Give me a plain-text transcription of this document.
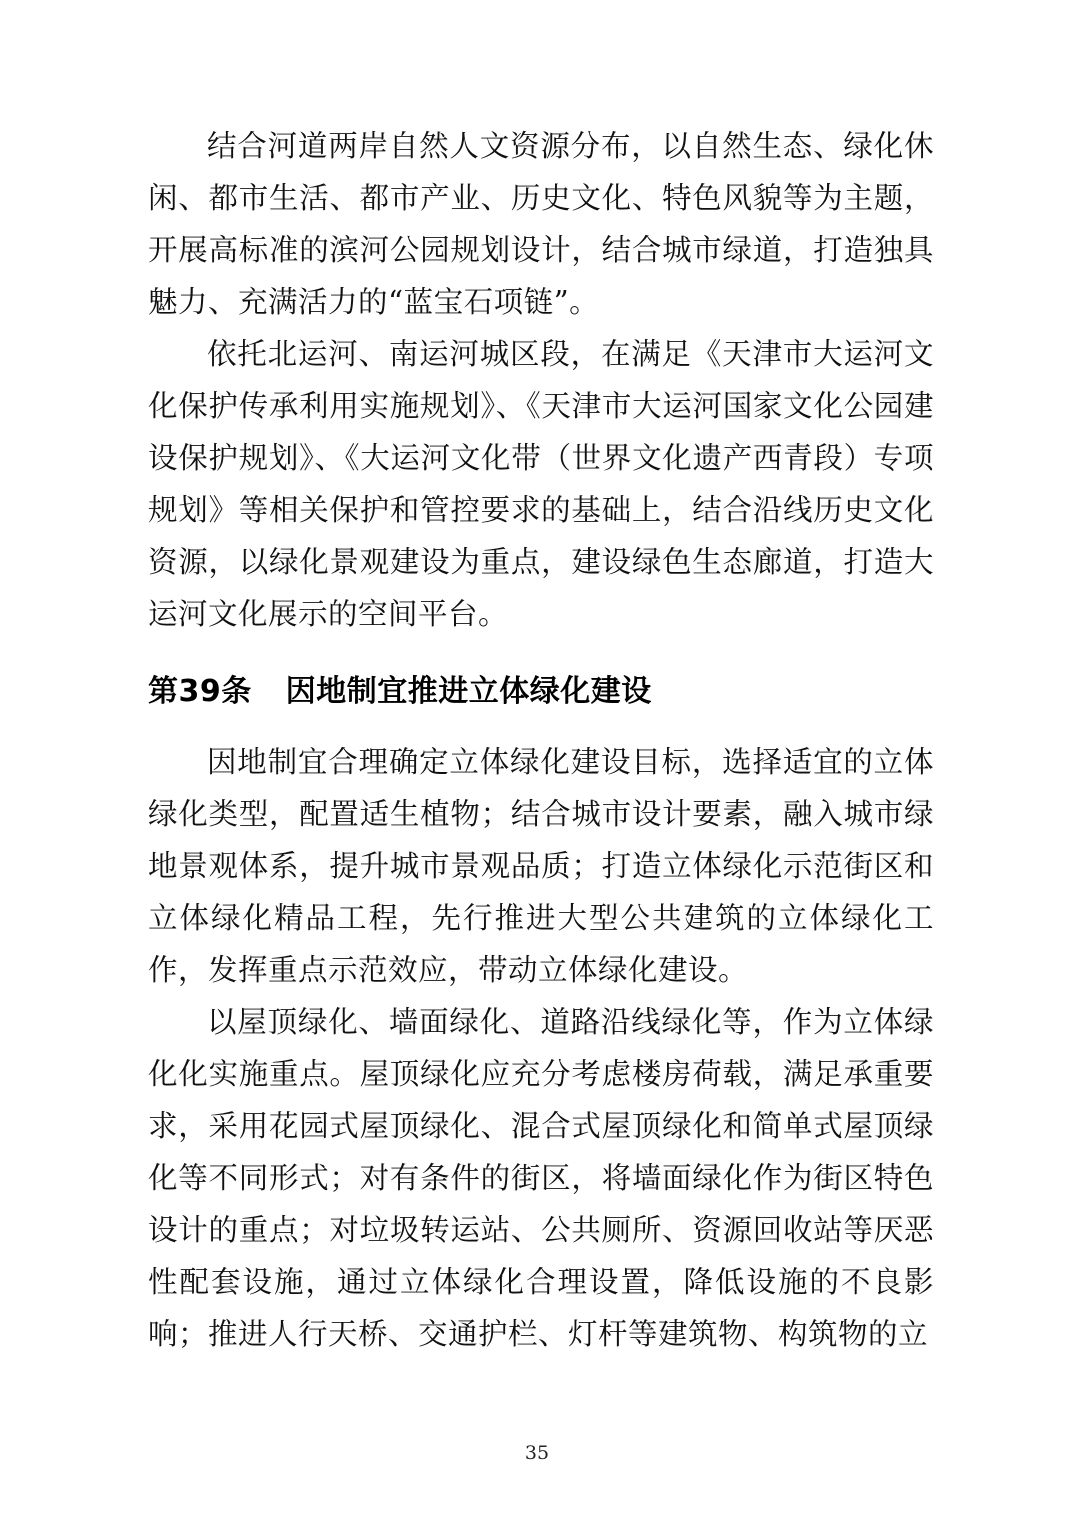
结合河道两岸自然人文资源分布，以自然生态、绿化休闲、都市生活、都市产业、历史文化、特色风貌等为主题，开展高标准的滨河公园规划设计，结合城市绿道，打造独具魅力、充满活力的“蓝宝石项链”。

依托北运河、南运河城区段，在满足《天津市大运河文化保护传承利用实施规划》、《天津市大运河国家文化公园建设保护规划》、《大运河文化带（世界文化遗产西青段）专项规划》等相关保护和管控要求的基础上，结合沿线历史文化资源，以绿化景观建设为重点，建设绿色生态廊道，打造大运河文化展示的空间平台。

第39条 因地制宜推进立体绿化建设

因地制宜合理确定立体绿化建设目标，选择适宜的立体绿化类型，配置适生植物；结合城市设计要素，融入城市绿地景观体系，提升城市景观品质；打造立体绿化示范街区和立体绿化精品工程，先行推进大型公共建筑的立体绿化工作，发挥重点示范效应，带动立体绿化建设。

以屋顶绿化、墙面绿化、道路沿线绿化等，作为立体绿化化实施重点。屋顶绿化应充分考虑楼房荷载，满足承重要求，采用花园式屋顶绿化、混合式屋顶绿化和简单式屋顶绿化等不同形式；对有条件的街区，将墙面绿化作为街区特色设计的重点；对垃圾转运站、公共厕所、资源回收站等厌恶性配套设施，通过立体绿化合理设置，降低设施的不良影响；推进人行天桥、交通护栏、灯杆等建筑物、构筑物的立

35
